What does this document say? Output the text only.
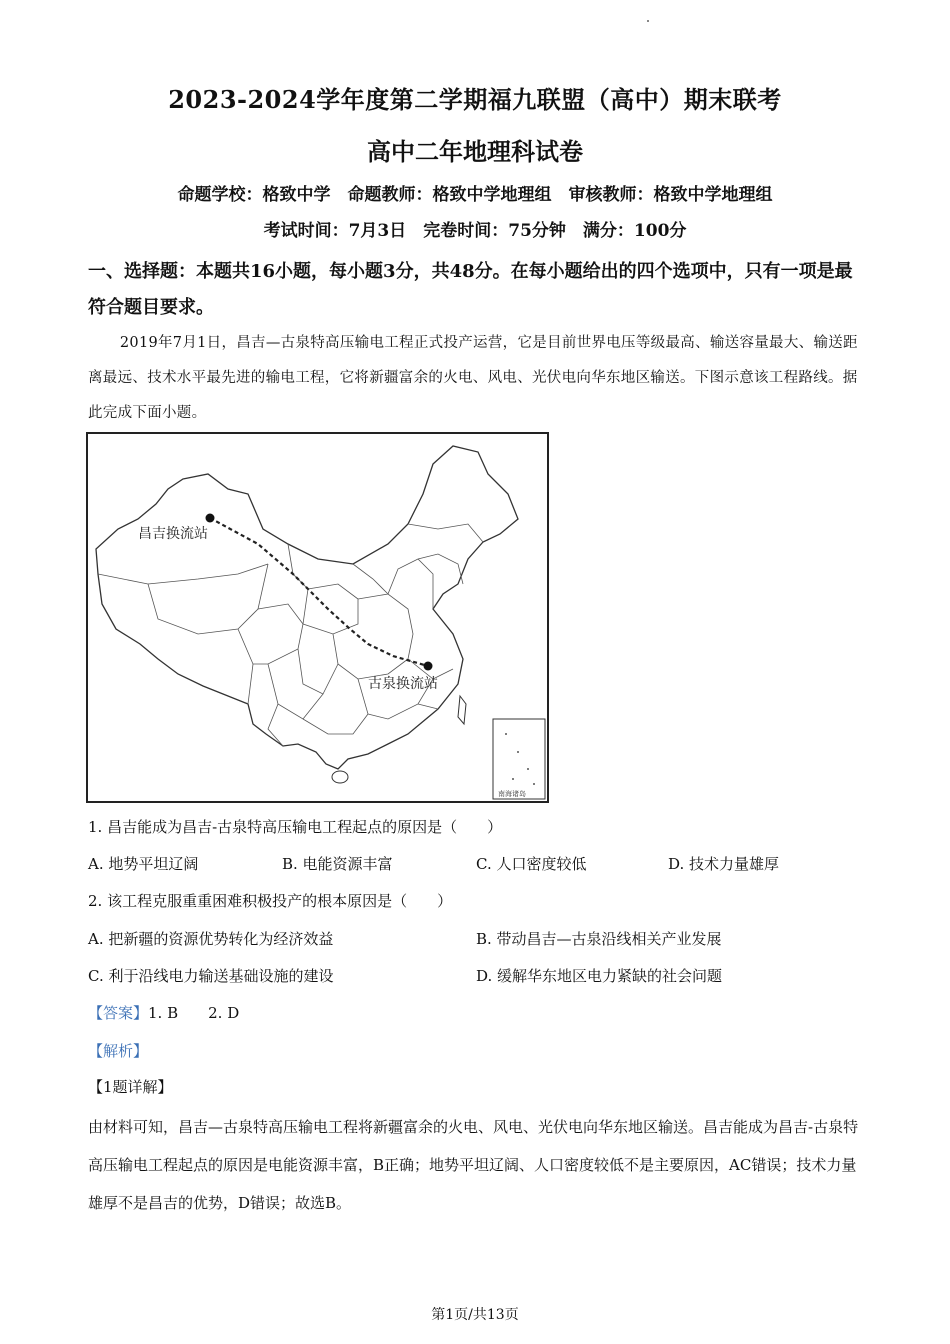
2023-2024学年度第二学期福九联盟（高中）期末联考
高中二年地理科试卷
命题学校：格致中学　命题教师：格致中学地理组　审核教师：格致中学地理组
考试时间：7月3日　完卷时间：75分钟　满分：100分
一、选择题：本题共16小题，每小题3分，共48分。在每小题给出的四个选项中，只有一项是最符合题目要求。
2019年7月1日，昌吉—古泉特高压输电工程正式投产运营，它是目前世界电压等级最高、输送容量最大、输送距离最远、技术水平最先进的输电工程，它将新疆富余的火电、风电、光伏电向华东地区输送。下图示意该工程路线。据此完成下面小题。
南海诸岛
昌吉换流站
古泉换流站
1. 昌吉能成为昌吉-古泉特高压输电工程起点的原因是（　　）
A. 地势平坦辽阔	B. 电能资源丰富	C. 人口密度较低	D. 技术力量雄厚
2. 该工程克服重重困难积极投产的根本原因是（　　）
A. 把新疆的资源优势转化为经济效益	B. 带动昌吉—古泉沿线相关产业发展
C. 利于沿线电力输送基础设施的建设	D. 缓解华东地区电力紧缺的社会问题
【答案】1. B　　2. D
【解析】
【1题详解】
由材料可知，昌吉—古泉特高压输电工程将新疆富余的火电、风电、光伏电向华东地区输送。昌吉能成为昌吉-古泉特高压输电工程起点的原因是电能资源丰富，B正确；地势平坦辽阔、人口密度较低不是主要原因，AC错误；技术力量雄厚不是昌吉的优势，D错误；故选B。
第1页/共13页
